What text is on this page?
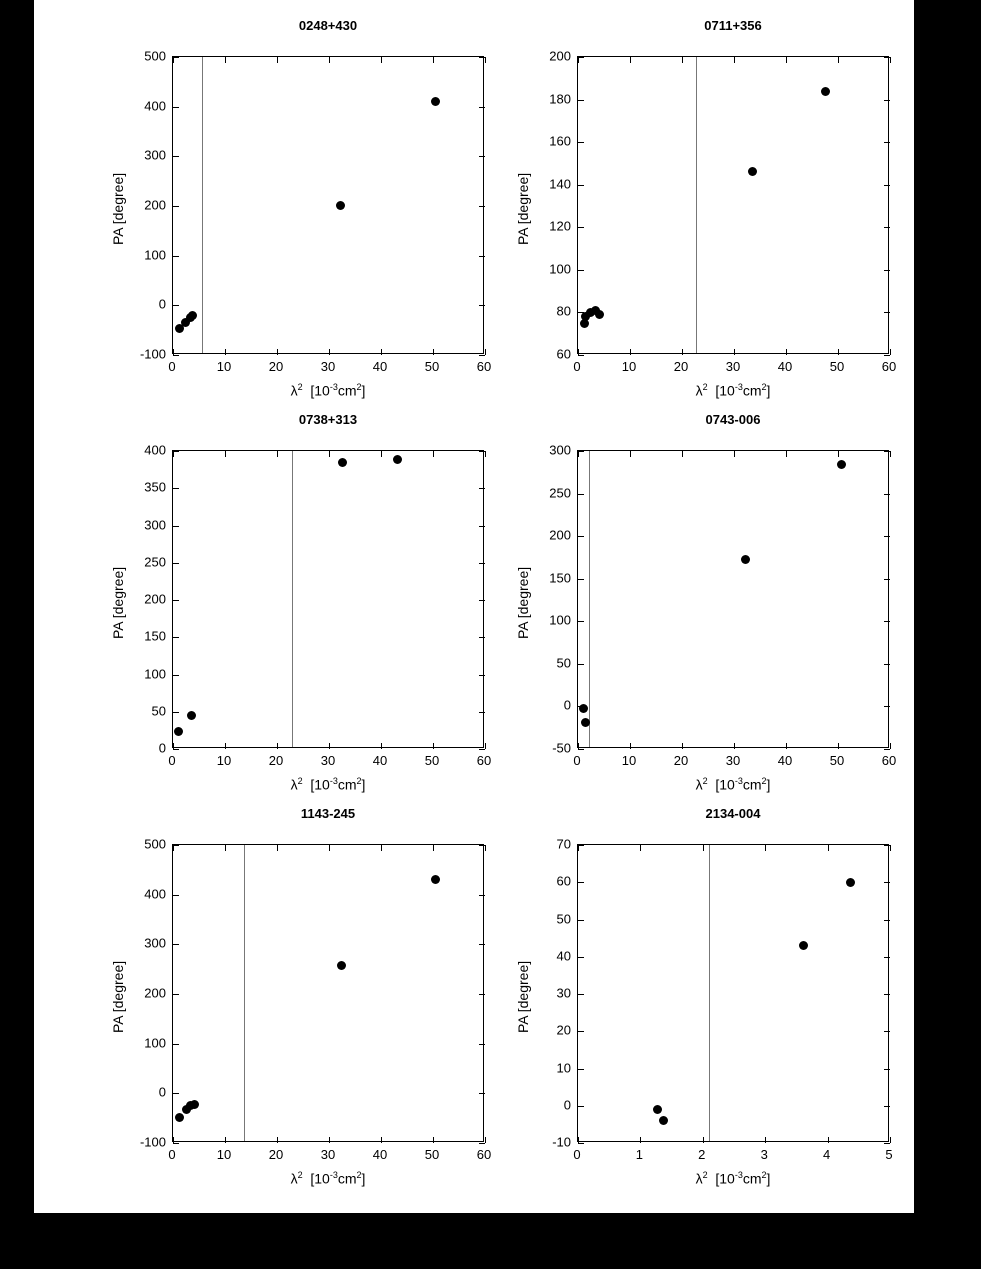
0248+430
0	10	20	30	40	50	60
-100
0
100
200
300
400
500
$\lambda^2$  $[10^{-3}cm^2]$
PA [degree]
0711+356
0	10	20	30	40	50	60
60
80
100
120
140
160
180
200
$\lambda^2$  $[10^{-3}cm^2]$
PA [degree]
0738+313
0	10	20	30	40	50	60
0
50
100
150
200
250
300
350
400
$\lambda^2$  $[10^{-3}cm^2]$
PA [degree]
0743-006
0	10	20	30	40	50	60
-50
0
50
100
150
200
250
300
$\lambda^2$  $[10^{-3}cm^2]$
PA [degree]
1143-245
0	10	20	30	40	50	60
-100
0
100
200
300
400
500
$\lambda^2$  $[10^{-3}cm^2]$
PA [degree]
2134-004
0	1	2	3	4	5
-10
0
10
20
30
40
50
60
70
$\lambda^2$  $[10^{-3}cm^2]$
PA [degree]
